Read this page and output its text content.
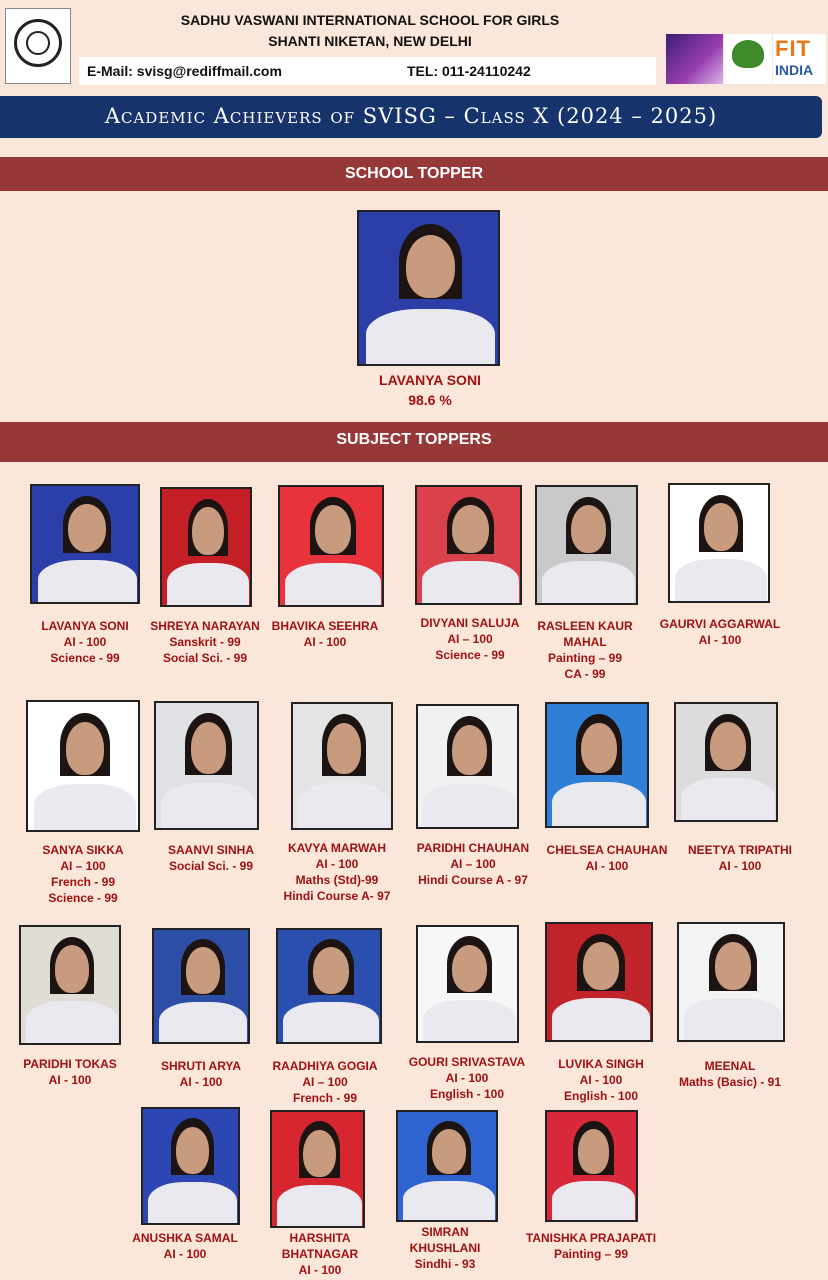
SADHU VASWANI INTERNATIONAL SCHOOL FOR GIRLS
SHANTI NIKETAN, NEW DELHI
E-Mail: svisg@rediffmail.com	TEL: 011-24110242
FIT
INDIA
Academic Achievers of SVISG – Class X (2024 – 2025)
SCHOOL TOPPER
LAVANYA SONI
98.6 %
SUBJECT TOPPERS
LAVANYA SONI
AI - 100
Science - 99
SHREYA NARAYAN
Sanskrit - 99
Social Sci. - 99
BHAVIKA SEEHRA
AI - 100
DIVYANI SALUJA
AI – 100
Science - 99
RASLEEN KAUR MAHAL
Painting – 99
CA - 99
GAURVI AGGARWAL
AI - 100
SANYA SIKKA
AI – 100
French - 99
Science - 99
SAANVI SINHA
Social Sci. - 99
KAVYA MARWAH
AI - 100
Maths (Std)-99
Hindi Course A- 97
PARIDHI CHAUHAN
AI – 100
Hindi Course A - 97
CHELSEA CHAUHAN
AI - 100
NEETYA TRIPATHI
AI - 100
PARIDHI TOKAS
AI - 100
SHRUTI ARYA
AI - 100
RAADHIYA GOGIA
AI – 100
French - 99
GOURI SRIVASTAVA
AI - 100
English - 100
LUVIKA SINGH
AI - 100
English - 100
MEENAL
Maths (Basic) - 91
ANUSHKA SAMAL
AI - 100
HARSHITA BHATNAGAR
AI - 100
SIMRAN KHUSHLANI
Sindhi - 93
TANISHKA PRAJAPATI
Painting – 99
